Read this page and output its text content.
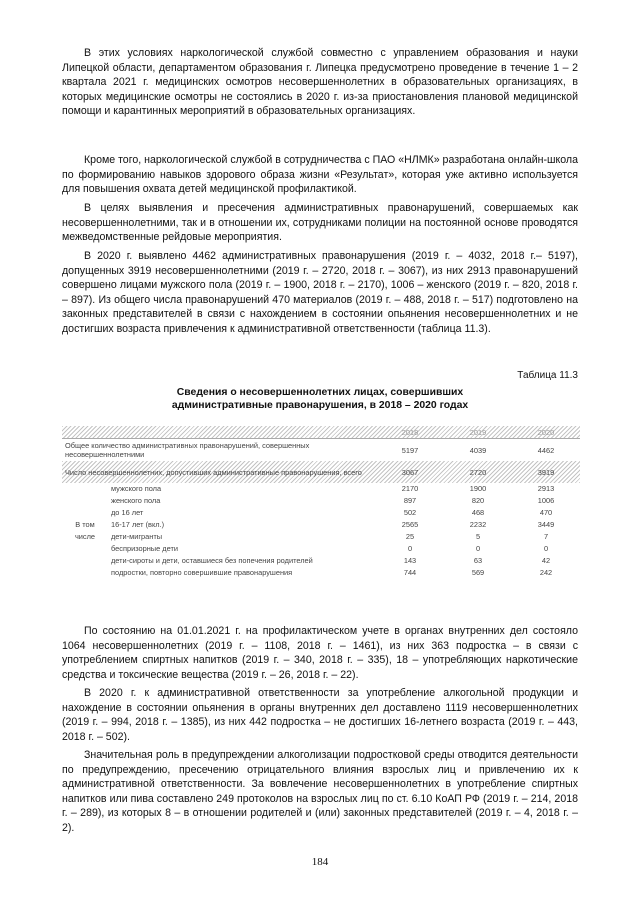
В этих условиях наркологической службой совместно с управлением образования и науки Липецкой области, департаментом образования г. Липецка предусмотрено проведение в течение 1 – 2 квартала 2021 г. медицинских осмотров несовершеннолетних в образовательных организациях, в которых медицинские осмотры не состоялись в 2020 г. из-за приостановления плановой медицинской помощи и карантинных мероприятий в образовательных организациях.

Кроме того, наркологической службой в сотрудничества с ПАО «НЛМК» разработана онлайн-школа по формированию навыков здорового образа жизни «Результат», которая уже активно используется для повышения охвата детей медицинской профилактикой.

В целях выявления и пресечения административных правонарушений, совершаемых как несовершеннолетними, так и в отношении их, сотрудниками полиции на постоянной основе проводятся межведомственные рейдовые мероприятия.

В 2020 г. выявлено 4462 административных правонарушения (2019 г. – 4032, 2018 г.– 5197), допущенных 3919 несовершеннолетними (2019 г. – 2720, 2018 г. – 3067), из них 2913 правонарушений совершено лицами мужского пола (2019 г. – 1900, 2018 г. – 2170), 1006 – женского (2019 г. – 820, 2018 г. – 897). Из общего числа правонарушений 470 материалов (2019 г. – 488, 2018 г. – 517) подготовлено на законных представителей в связи с нахождением в состоянии опьянения несовершеннолетних и не достигших возраста привлечения к административной ответственности (таблица 11.3).

Таблица 11.3
Сведения о несовершеннолетних лицах, совершивших
административные правонарушения, в 2018 – 2020 годах
		2018	2019	2020
Общее количество административных правонарушений, совершенных несовершеннолетними		5197	4039	4462
Число несовершеннолетних, допустивших административные правонарушения, всего		3067	2720	3919
В том числе	мужского пола	2170	1900	2913
	женского пола	897	820	1006
	до 16 лет	502	468	470
	16-17 лет (вкл.)	2565	2232	3449
	дети-мигранты	25	5	7
	беспризорные дети	0	0	0
	дети-сироты и дети, оставшиеся без попечения родителей	143	63	42
	подростки, повторно совершившие правонарушения	744	569	242

По состоянию на 01.01.2021 г. на профилактическом учете в органах внутренних дел состояло 1064 несовершеннолетних (2019 г. – 1108, 2018 г. – 1461), из них 363 подростка – в связи с употреблением спиртных напитков (2019 г. – 340, 2018 г. – 335), 18 – употребляющих наркотические средства и токсические вещества (2019 г. – 26, 2018 г. – 22).

В 2020 г. к административной ответственности за употребление алкогольной продукции и нахождение в состоянии опьянения в органы внутренних дел доставлено 1119 несовершеннолетних (2019 г. – 994, 2018 г. – 1385), из них 442 подростка – не достигших 16-летнего возраста (2019 г. – 443, 2018 г. – 502).

Значительная роль в предупреждении алкоголизации подростковой среды отводится деятельности по предупреждению, пресечению отрицательного влияния взрослых лиц и привлечению их к административной ответственности. За вовлечение несовершеннолетних в употребление спиртных напитков или пива составлено 249 протоколов на взрослых лиц по ст. 6.10 КоАП РФ (2019 г. – 214, 2018 г. – 289), из которых 8 – в отношении родителей и (или) законных представителей (2019 г. – 4, 2018 г. – 2).

184
